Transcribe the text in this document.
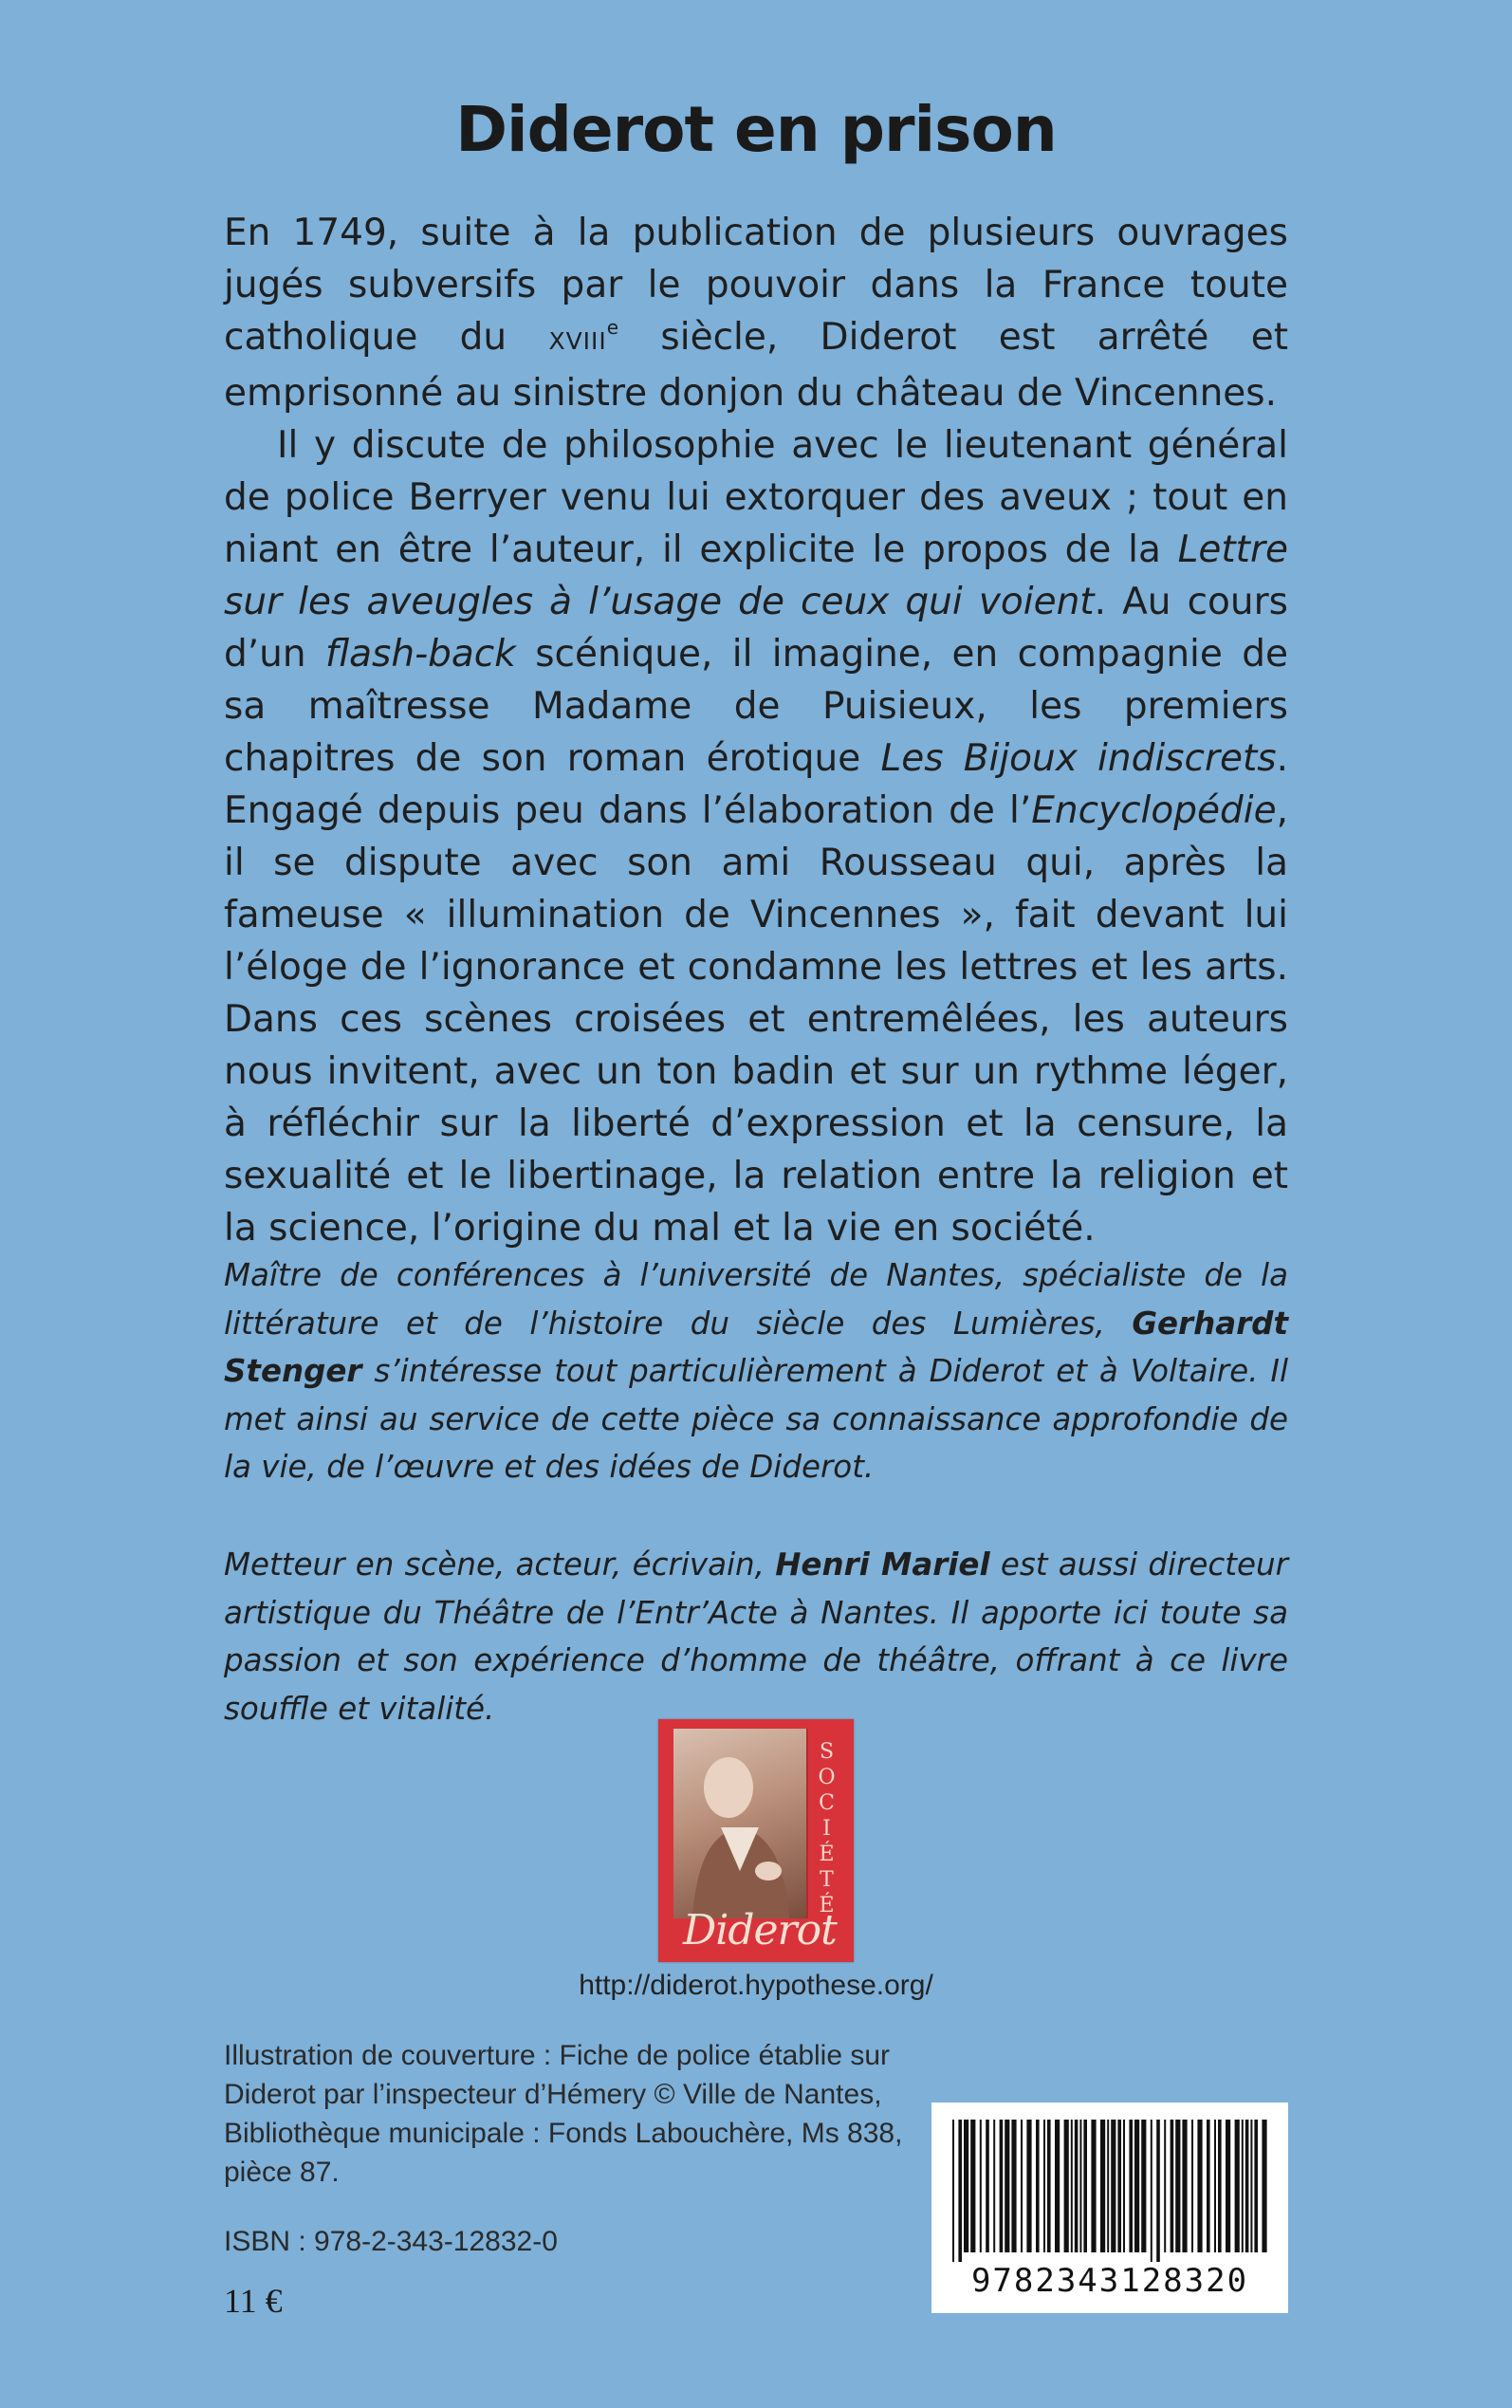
Diderot en prison

En 1749, suite à la publication de plusieurs ouvrages jugés subversifs par le pouvoir dans la France toute catholique du XVIIIe siècle, Diderot est arrêté et emprisonné au sinistre donjon du château de Vincennes.

Il y discute de philosophie avec le lieutenant général de police Berryer venu lui extorquer des aveux ; tout en niant en être l’auteur, il explicite le propos de la Lettre sur les aveugles à l’usage de ceux qui voient. Au cours d’un flash-back scénique, il imagine, en compagnie de sa maîtresse Madame de Puisieux, les premiers chapitres de son roman érotique Les Bijoux indiscrets. Engagé depuis peu dans l’élaboration de l’Encyclopédie, il se dispute avec son ami Rousseau qui, après la fameuse « illumination de Vincennes », fait devant lui l’éloge de l’ignorance et condamne les lettres et les arts. Dans ces scènes croisées et entremêlées, les auteurs nous invitent, avec un ton badin et sur un rythme léger, à réfléchir sur la liberté d’expression et la censure, la sexualité et le libertinage, la relation entre la religion et la science, l’origine du mal et la vie en société.

Maître de conférences à l’université de Nantes, spécialiste de la littérature et de l’histoire du siècle des Lumières, Gerhardt Stenger s’intéresse tout particulièrement à Diderot et à Voltaire. Il met ainsi au service de cette pièce sa connaissance approfondie de la vie, de l’œuvre et des idées de Diderot.
Metteur en scène, acteur, écrivain, Henri Mariel est aussi directeur artistique du Théâtre de l’Entr’Acte à Nantes. Il apporte ici toute sa passion et son expérience d’homme de théâtre, offrant à ce livre souffle et vitalité.
SOCIÉTÉ
Diderot
http://diderot.hypothese.org/
Illustration de couverture : Fiche de police établie sur Diderot par l’inspecteur d’Hémery © Ville de Nantes, Bibliothèque municipale : Fonds Labouchère, Ms 838, pièce 87.
ISBN : 978-2-343-12832-0
11 €
9782343128320
